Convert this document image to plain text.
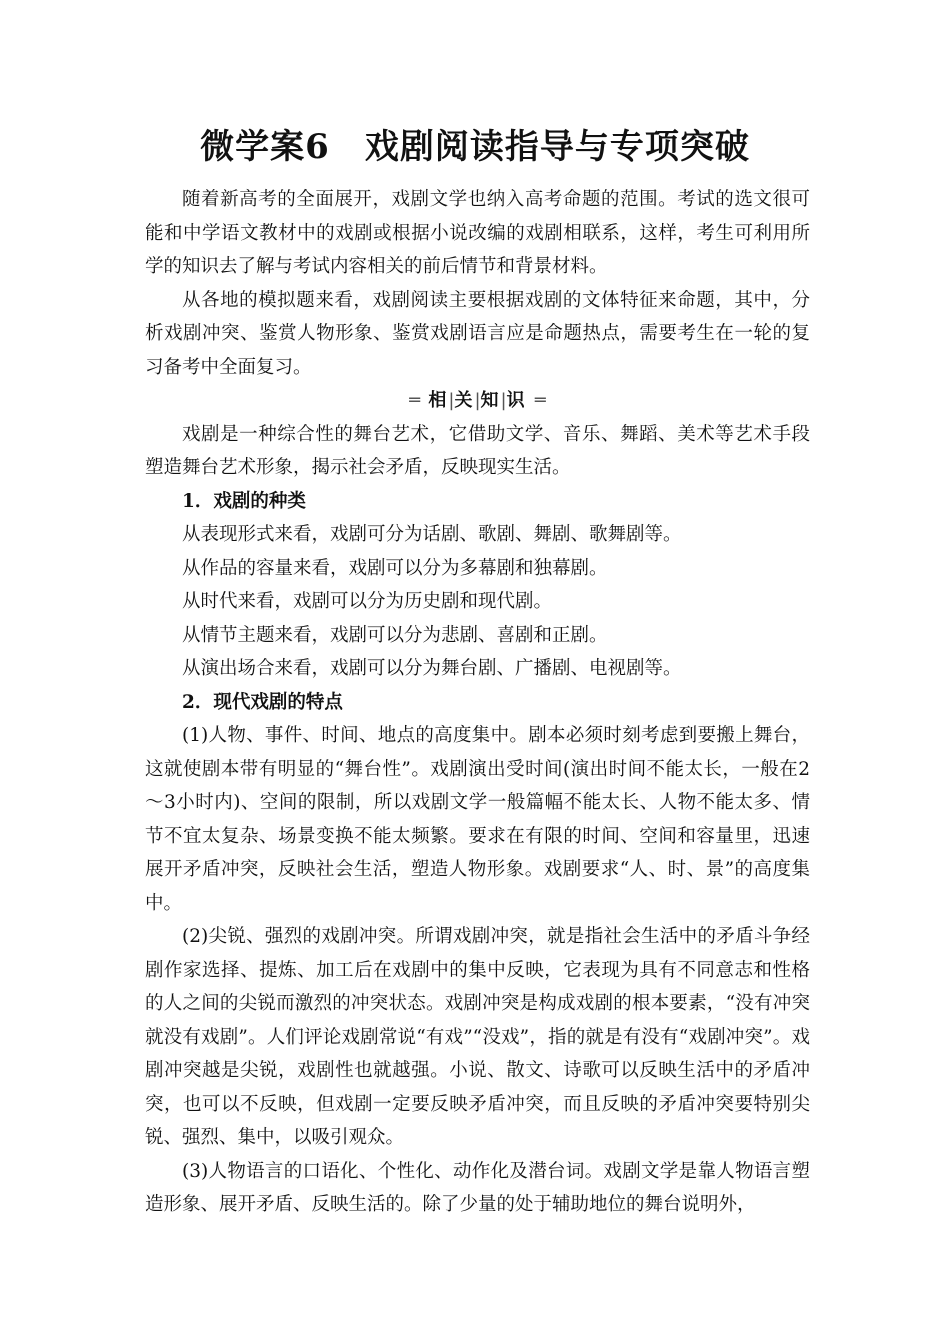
微学案6　戏剧阅读指导与专项突破

随着新高考的全面展开，戏剧文学也纳入高考命题的范围。考试的选文很可能和中学语文教材中的戏剧或根据小说改编的戏剧相联系，这样，考生可利用所学的知识去了解与考试内容相关的前后情节和背景材料。

从各地的模拟题来看，戏剧阅读主要根据戏剧的文体特征来命题，其中，分析戏剧冲突、鉴赏人物形象、鉴赏戏剧语言应是命题热点，需要考生在一轮的复习备考中全面复习。

═ 相|关|知|识 ═

戏剧是一种综合性的舞台艺术，它借助文学、音乐、舞蹈、美术等艺术手段塑造舞台艺术形象，揭示社会矛盾，反映现实生活。

1．戏剧的种类

从表现形式来看，戏剧可分为话剧、歌剧、舞剧、歌舞剧等。

从作品的容量来看，戏剧可以分为多幕剧和独幕剧。

从时代来看，戏剧可以分为历史剧和现代剧。

从情节主题来看，戏剧可以分为悲剧、喜剧和正剧。

从演出场合来看，戏剧可以分为舞台剧、广播剧、电视剧等。

2．现代戏剧的特点

(1)人物、事件、时间、地点的高度集中。剧本必须时刻考虑到要搬上舞台，这就使剧本带有明显的“舞台性”。戏剧演出受时间(演出时间不能太长，一般在2～3小时内)、空间的限制，所以戏剧文学一般篇幅不能太长、人物不能太多、情节不宜太复杂、场景变换不能太频繁。要求在有限的时间、空间和容量里，迅速展开矛盾冲突，反映社会生活，塑造人物形象。戏剧要求“人、时、景”的高度集中。

(2)尖锐、强烈的戏剧冲突。所谓戏剧冲突，就是指社会生活中的矛盾斗争经剧作家选择、提炼、加工后在戏剧中的集中反映，它表现为具有不同意志和性格的人之间的尖锐而激烈的冲突状态。戏剧冲突是构成戏剧的根本要素，“没有冲突就没有戏剧”。人们评论戏剧常说“有戏”“没戏”，指的就是有没有“戏剧冲突”。戏剧冲突越是尖锐，戏剧性也就越强。小说、散文、诗歌可以反映生活中的矛盾冲突，也可以不反映，但戏剧一定要反映矛盾冲突，而且反映的矛盾冲突要特别尖锐、强烈、集中，以吸引观众。

(3)人物语言的口语化、个性化、动作化及潜台词。戏剧文学是靠人物语言塑造形象、展开矛盾、反映生活的。除了少量的处于辅助地位的舞台说明外，
